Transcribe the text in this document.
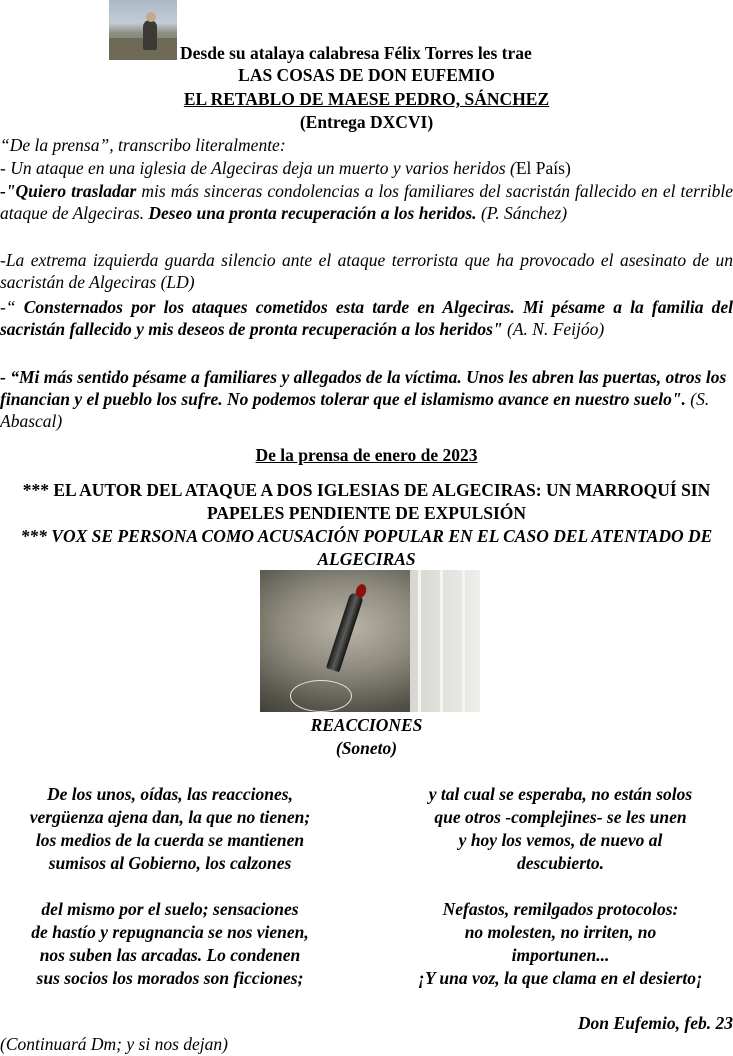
Desde su atalaya calabresa Félix Torres les trae
LAS COSAS DE DON EUFEMIO
EL RETABLO DE MAESE PEDRO, SÁNCHEZ
(Entrega DXCVI)
“De la prensa”, transcribo literalmente:
- Un ataque en una iglesia de Algeciras deja un muerto y varios heridos (El País)
-"Quiero trasladar mis más sinceras condolencias a los familiares del sacristán fallecido en el terrible ataque de Algeciras. Deseo una pronta recuperación a los heridos. (P. Sánchez)
-La extrema izquierda guarda silencio ante el ataque terrorista que ha provocado el asesinato de un sacristán de Algeciras (LD)
-“ Consternados por los ataques cometidos esta tarde en Algeciras. Mi pésame a la familia del sacristán fallecido y mis deseos de pronta recuperación a los heridos" (A. N. Feijóo)
- “Mi más sentido pésame a familiares y allegados de la víctima. Unos les abren las puertas, otros los financian y el pueblo los sufre. No podemos tolerar que el islamismo avance en nuestro suelo". (S. Abascal)
De la prensa de enero de 2023
*** EL AUTOR DEL ATAQUE A DOS IGLESIAS DE ALGECIRAS: UN MARROQUÍ SIN
PAPELES PENDIENTE DE EXPULSIÓN
*** VOX SE PERSONA COMO ACUSACIÓN POPULAR EN EL CASO DEL ATENTADO DE
ALGECIRAS
REACCIONES
(Soneto)
De los unos, oídas, las reacciones,
vergüenza ajena dan, la que no tienen;
los medios de la cuerda se mantienen
sumisos al Gobierno, los calzones
del mismo por el suelo; sensaciones
de hastío y repugnancia se nos vienen,
nos suben las arcadas. Lo condenen
sus socios los morados son ficciones;
y tal cual se esperaba, no están solos
que otros -complejines- se les unen
y hoy los vemos, de nuevo al
descubierto.
Nefastos, remilgados protocolos:
no molesten, no irriten, no
importunen...
¡Y una voz, la que clama en el desierto¡
Don Eufemio, feb. 23
(Continuará Dm; y si nos dejan)
